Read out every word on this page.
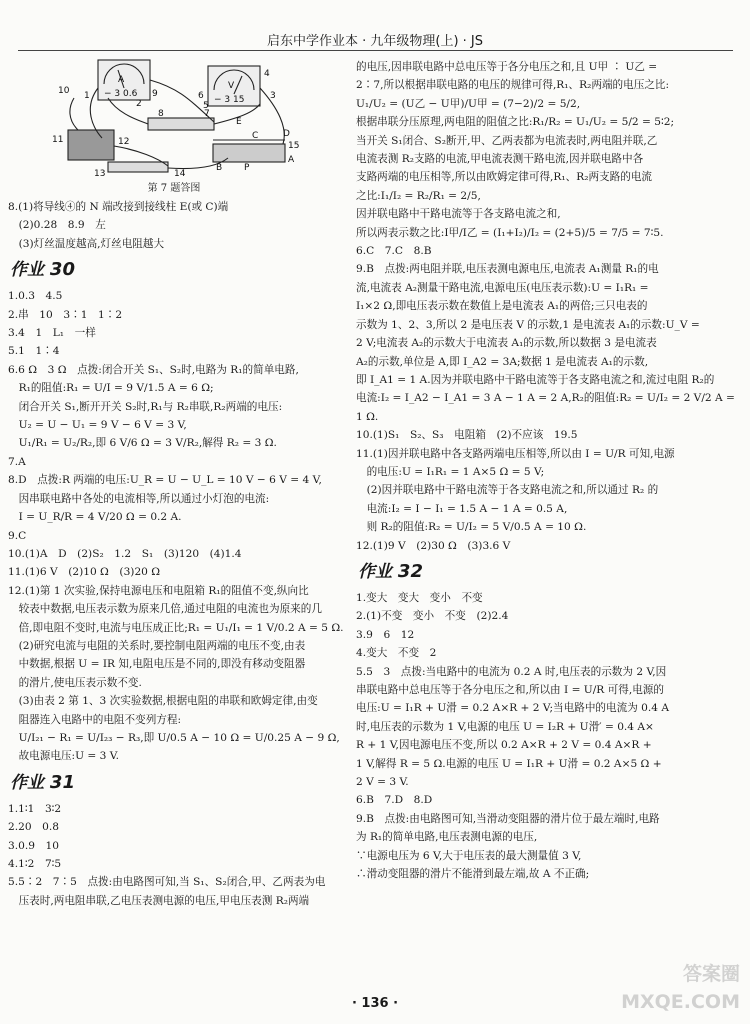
启东中学作业本 · 九年级物理(上) · JS
A
V
− 3 0.6
− 3 15
10 1	9
2
6
5
4
3
8	7
E
C	D
B
A
P
11	12
13	14
15
第 7 题答图
8.(1)将导线④的 N 端改接到接线柱 E(或 C)端
　(2)0.28　8.9　左
　(3)灯丝温度越高,灯丝电阻越大
作业 30
1.0.3　4.5
2.串　10　3∶1　1∶2
3.4　1　L₁　一样
5.1　1∶4
6.6 Ω　3 Ω　点拨:闭合开关 S₁、S₂时,电路为 R₁的简单电路,
　R₁的阻值:R₁ = U/I = 9 V/1.5 A = 6 Ω;
　闭合开关 S₁,断开开关 S₂时,R₁与 R₂串联,R₂两端的电压:
　U₂ = U − U₁ = 9 V − 6 V = 3 V,
　U₁/R₁ = U₂/R₂,即 6 V/6 Ω = 3 V/R₂,解得 R₂ = 3 Ω.
7.A
8.D　点拨:R 两端的电压:U_R = U − U_L = 10 V − 6 V = 4 V,
　因串联电路中各处的电流相等,所以通过小灯泡的电流:
　I = U_R/R = 4 V/20 Ω = 0.2 A.
9.C
10.(1)A　D　(2)S₂　1.2　S₁　(3)120　(4)1.4
11.(1)6 V　(2)10 Ω　(3)20 Ω
12.(1)第 1 次实验,保持电源电压和电阻箱 R₁的阻值不变,纵向比
　较表中数据,电压表示数为原来几倍,通过电阻的电流也为原来的几
　倍,即电阻不变时,电流与电压成正比;R₁ = U₁/I₁ = 1 V/0.2 A = 5 Ω.
　(2)研究电流与电阻的关系时,要控制电阻两端的电压不变,由表
　中数据,根据 U = IR 知,电阻电压是不同的,即没有移动变阻器
　的滑片,使电压表示数不变.
　(3)由表 2 第 1、3 次实验数据,根据电阻的串联和欧姆定律,由变
　阻器连入电路中的电阻不变列方程:
　U/I₂₁ − R₁ = U/I₂₃ − R₃,即 U/0.5 A − 10 Ω = U/0.25 A − 9 Ω,
　故电源电压:U = 3 V.
作业 31
1.1∶1　3∶2
2.20　0.8
3.0.9　10
4.1∶2　7∶5
5.5∶2　7∶5　点拨:由电路图可知,当 S₁、S₂闭合,甲、乙两表为电
　压表时,两电阻串联,乙电压表测电源的电压,甲电压表测 R₂两端
的电压,因串联电路中总电压等于各分电压之和,且 U甲 ∶ U乙 =
2∶7,所以根据串联电路的电压的规律可得,R₁、R₂两端的电压之比:
U₁/U₂ = (U乙 − U甲)/U甲 = (7−2)/2 = 5/2,
根据串联分压原理,两电阻的阻值之比:R₁/R₂ = U₁/U₂ = 5/2 = 5∶2;
当开关 S₁闭合、S₂断开,甲、乙两表都为电流表时,两电阻并联,乙
电流表测 R₂支路的电流,甲电流表测干路电流,因并联电路中各
支路两端的电压相等,所以由欧姆定律可得,R₁、R₂两支路的电流
之比:I₁/I₂ = R₂/R₁ = 2/5,
因并联电路中干路电流等于各支路电流之和,
所以两表示数之比:I甲/I乙 = (I₁+I₂)/I₂ = (2+5)/5 = 7/5 = 7∶5.
6.C　7.C　8.B
9.B　点拨:两电阻并联,电压表测电源电压,电流表 A₁测量 R₁的电
流,电流表 A₂测量干路电流,电源电压(电压表示数):U = I₁R₁ =
I₁×2 Ω,即电压表示数在数值上是电流表 A₁的两倍;三只电表的
示数为 1、2、3,所以 2 是电压表 V 的示数,1 是电流表 A₁的示数:U_V =
2 V;电流表 A₂的示数大于电流表 A₁的示数,所以数据 3 是电流表
A₂的示数,单位是 A,即 I_A2 = 3A;数据 1 是电流表 A₁的示数,
即 I_A1 = 1 A.因为并联电路中干路电流等于各支路电流之和,流过电阻 R₂的
电流:I₂ = I_A2 − I_A1 = 3 A − 1 A = 2 A,R₂的阻值:R₂ = U/I₂ = 2 V/2 A =
1 Ω.
10.(1)S₁　S₂、S₃　电阻箱　(2)不应该　19.5
11.(1)因并联电路中各支路两端电压相等,所以由 I = U/R 可知,电源
　的电压:U = I₁R₁ = 1 A×5 Ω = 5 V;
　(2)因并联电路中干路电流等于各支路电流之和,所以通过 R₂ 的
　电流:I₂ = I − I₁ = 1.5 A − 1 A = 0.5 A,
　则 R₂的阻值:R₂ = U/I₂ = 5 V/0.5 A = 10 Ω.
12.(1)9 V　(2)30 Ω　(3)3.6 V
作业 32
1.变大　变大　变小　不变
2.(1)不变　变小　不变　(2)2.4
3.9　6　12
4.变大　不变　2
5.5　3　点拨:当电路中的电流为 0.2 A 时,电压表的示数为 2 V,因
串联电路中总电压等于各分电压之和,所以由 I = U/R 可得,电源的
电压:U = I₁R + U滑 = 0.2 A×R + 2 V;当电路中的电流为 0.4 A
时,电压表的示数为 1 V,电源的电压 U = I₂R + U滑′ = 0.4 A×
R + 1 V,因电源电压不变,所以 0.2 A×R + 2 V = 0.4 A×R +
1 V,解得 R = 5 Ω.电源的电压 U = I₁R + U滑 = 0.2 A×5 Ω +
2 V = 3 V.
6.B　7.D　8.D
9.B　点拨:由电路图可知,当滑动变阻器的滑片位于最左端时,电路
为 R₁的简单电路,电压表测电源的电压,
∵电源电压为 6 V,大于电压表的最大测量值 3 V,
∴滑动变阻器的滑片不能滑到最左端,故 A 不正确;
· 136 ·
答案圈
MXQE.COM
